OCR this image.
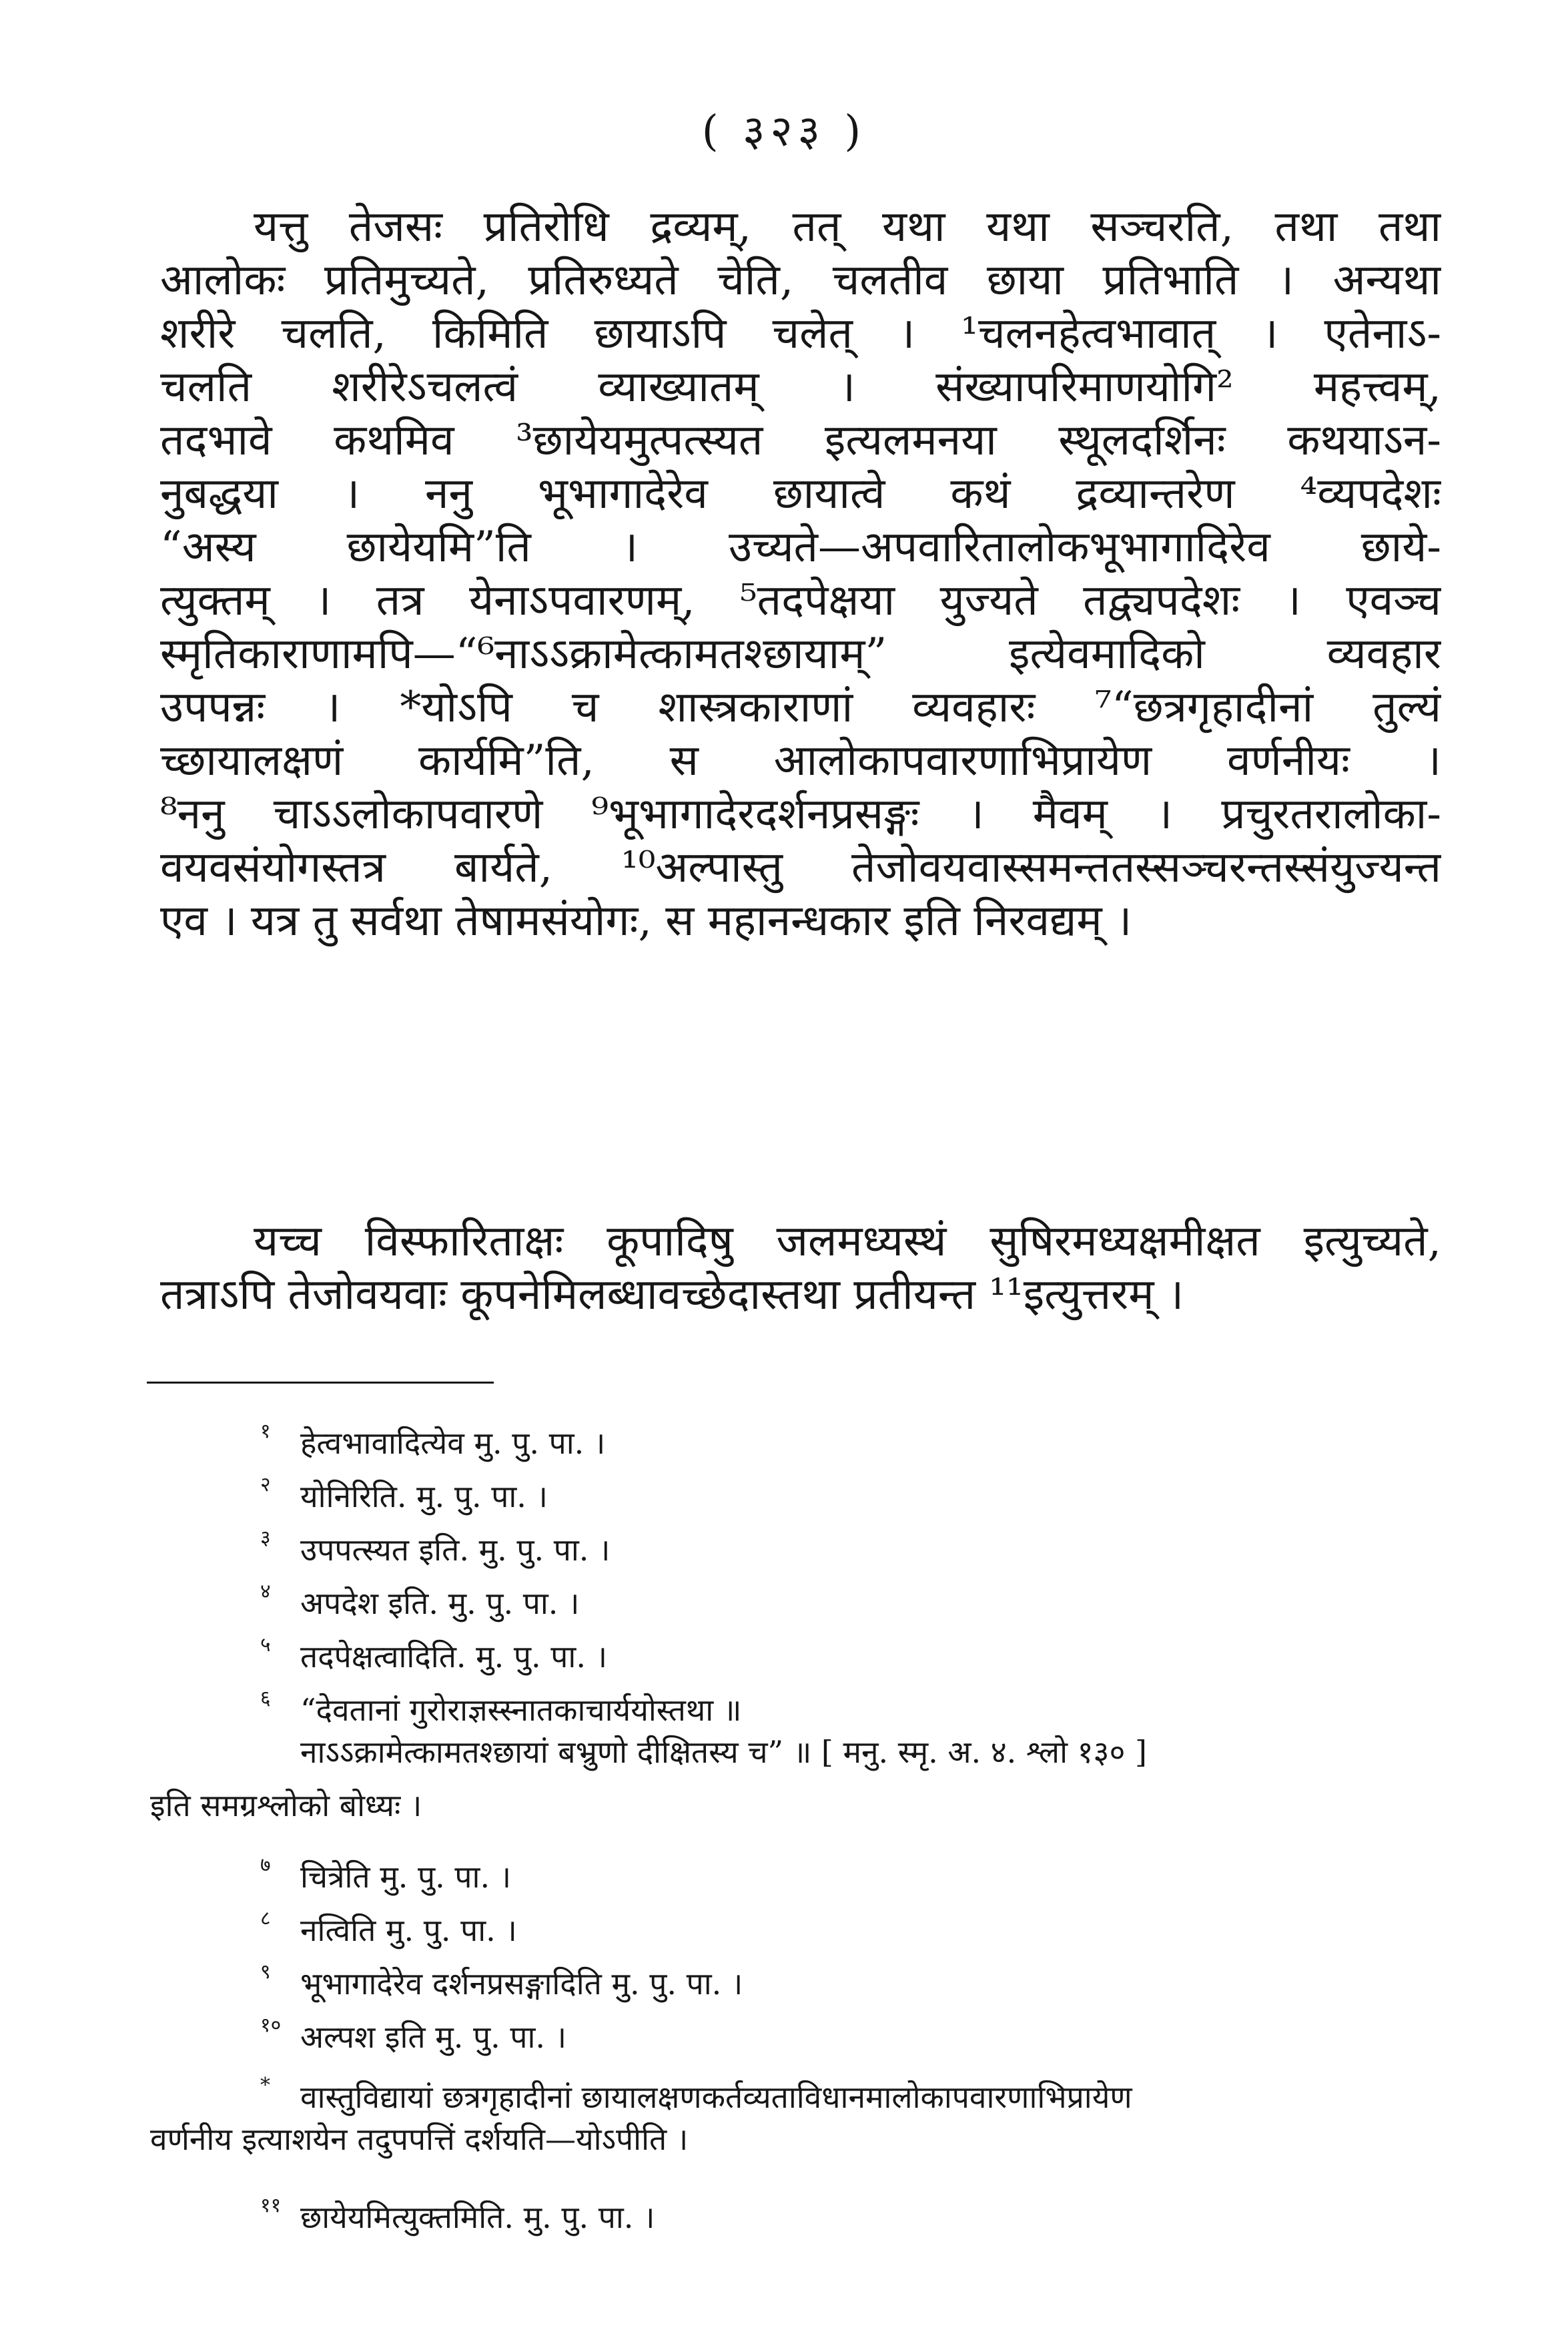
( ३२३ )
यत्तु तेजसः प्रतिरोधि द्रव्यम्, तत् यथा यथा सञ्चरति, तथा तथा
आलोकः प्रतिमुच्यते, प्रतिरुध्यते चेति, चलतीव छाया प्रतिभाति । अन्यथा
शरीरे चलति, किमिति छायाऽपि चलेत् । ¹चलनहेत्वभावात् । एतेनाऽ-
चलति शरीरेऽचलत्वं व्याख्यातम् । संख्यापरिमाणयोगि² महत्त्वम्,
तदभावे कथमिव ³छायेयमुत्पत्स्यत इत्यलमनया स्थूलदर्शिनः कथयाऽन-
नुबद्धया । ननु भूभागादेरेव छायात्वे कथं द्रव्यान्तरेण ⁴व्यपदेशः
“अस्य छायेयमि”ति । उच्यते—अपवारितालोकभूभागादिरेव छाये-
त्युक्तम् । तत्र येनाऽपवारणम्, ⁵तदपेक्षया युज्यते तद्व्यपदेशः । एवञ्च
स्मृतिकाराणामपि—“⁶नाऽऽक्रामेत्कामतश्छायाम्” इत्येवमादिको व्यवहार
उपपन्नः । *योऽपि च शास्त्रकाराणां व्यवहारः ⁷“छत्रगृहादीनां तुल्यं
च्छायालक्षणं कार्यमि”ति, स आलोकापवारणाभिप्रायेण वर्णनीयः ।
⁸ननु चाऽऽलोकापवारणे ⁹भूभागादेरदर्शनप्रसङ्गः । मैवम् । प्रचुरतरालोका-
वयवसंयोगस्तत्र बार्यते, ¹⁰अल्पास्तु तेजोवयवास्समन्ततस्सञ्चरन्तस्संयुज्यन्त
एव । यत्र तु सर्वथा तेषामसंयोगः, स महानन्धकार इति निरवद्यम् ।
यच्च विस्फारिताक्षः कूपादिषु जलमध्यस्थं सुषिरमध्यक्षमीक्षत इत्युच्यते,
तत्राऽपि तेजोवयवाः कूपनेमिलब्धावच्छेदास्तथा प्रतीयन्त ¹¹इत्युत्तरम् ।
१ हेत्वभावादित्येव मु. पु. पा. ।
२ योनिरिति. मु. पु. पा. ।
३ उपपत्स्यत इति. मु. पु. पा. ।
४ अपदेश इति. मु. पु. पा. ।
५ तदपेक्षत्वादिति. मु. पु. पा. ।
६ “देवतानां गुरोराज्ञस्स्नातकाचार्ययोस्तथा ॥
नाऽऽक्रामेत्कामतश्छायां बभ्रुणो दीक्षितस्य च” ॥ [ मनु. स्मृ. अ. ४. श्लो १३० ]
इति समग्रश्लोको बोध्यः ।
७ चित्रेति मु. पु. पा. ।
८ नत्विति मु. पु. पा. ।
९ भूभागादेरेव दर्शनप्रसङ्गादिति मु. पु. पा. ।
१० अल्पश इति मु. पु. पा. ।
* वास्तुविद्यायां छत्रगृहादीनां छायालक्षणकर्तव्यताविधानमालोकापवारणाभिप्रायेण
वर्णनीय इत्याशयेन तदुपपत्तिं दर्शयति—योऽपीति ।
११ छायेयमित्युक्तमिति. मु. पु. पा. ।
